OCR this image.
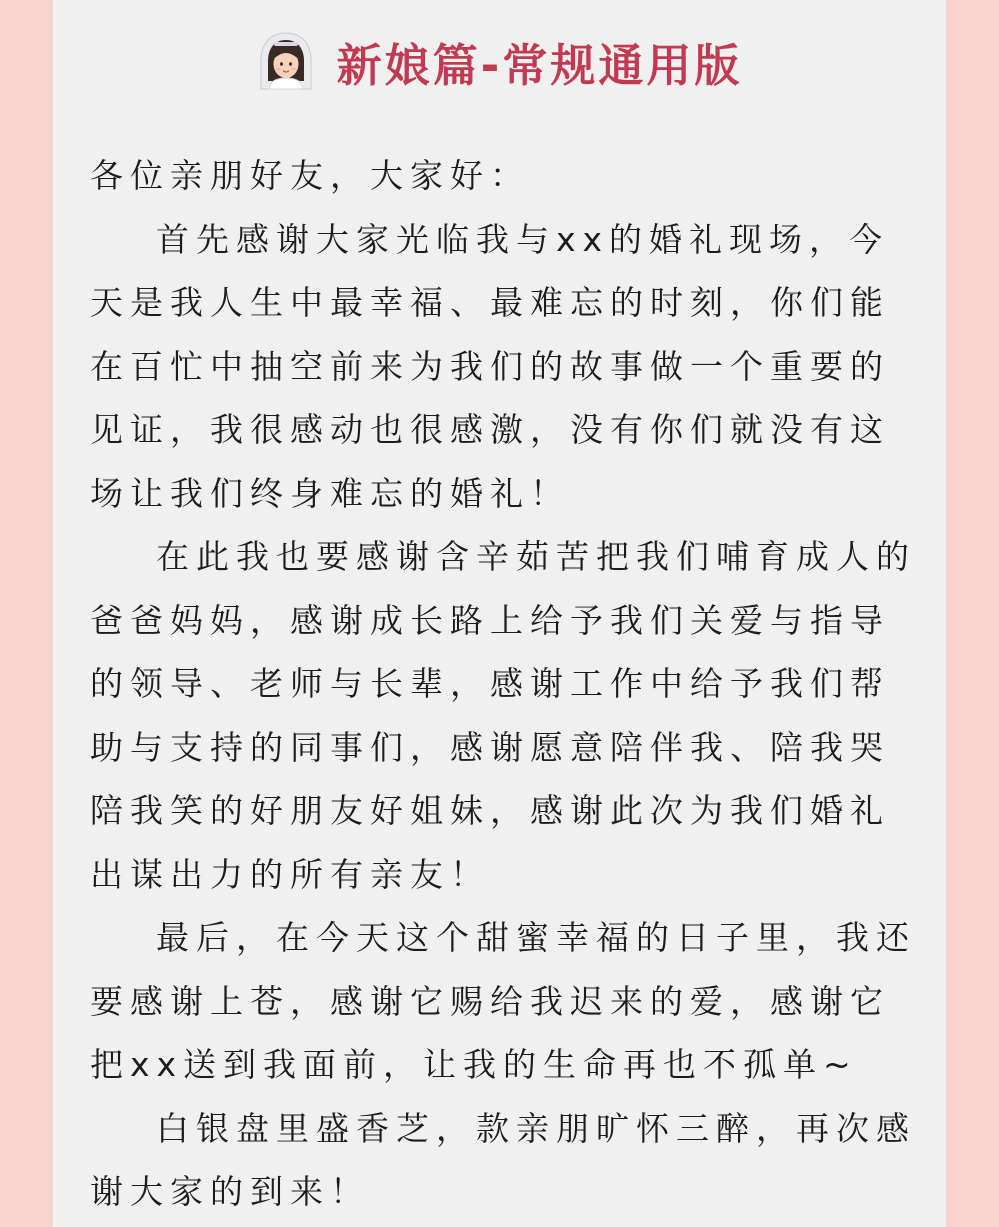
新娘篇-常规通用版
各位亲朋好友，大家好：
首先感谢大家光临我与xx的婚礼现场，今
天是我人生中最幸福、最难忘的时刻，你们能
在百忙中抽空前来为我们的故事做一个重要的
见证，我很感动也很感激，没有你们就没有这
场让我们终身难忘的婚礼！
在此我也要感谢含辛茹苦把我们哺育成人的
爸爸妈妈，感谢成长路上给予我们关爱与指导
的领导、老师与长辈，感谢工作中给予我们帮
助与支持的同事们，感谢愿意陪伴我、陪我哭
陪我笑的好朋友好姐妹，感谢此次为我们婚礼
出谋出力的所有亲友！
最后，在今天这个甜蜜幸福的日子里，我还
要感谢上苍，感谢它赐给我迟来的爱，感谢它
把xx送到我面前，让我的生命再也不孤单~
白银盘里盛香芝，款亲朋旷怀三醉，再次感
谢大家的到来！
